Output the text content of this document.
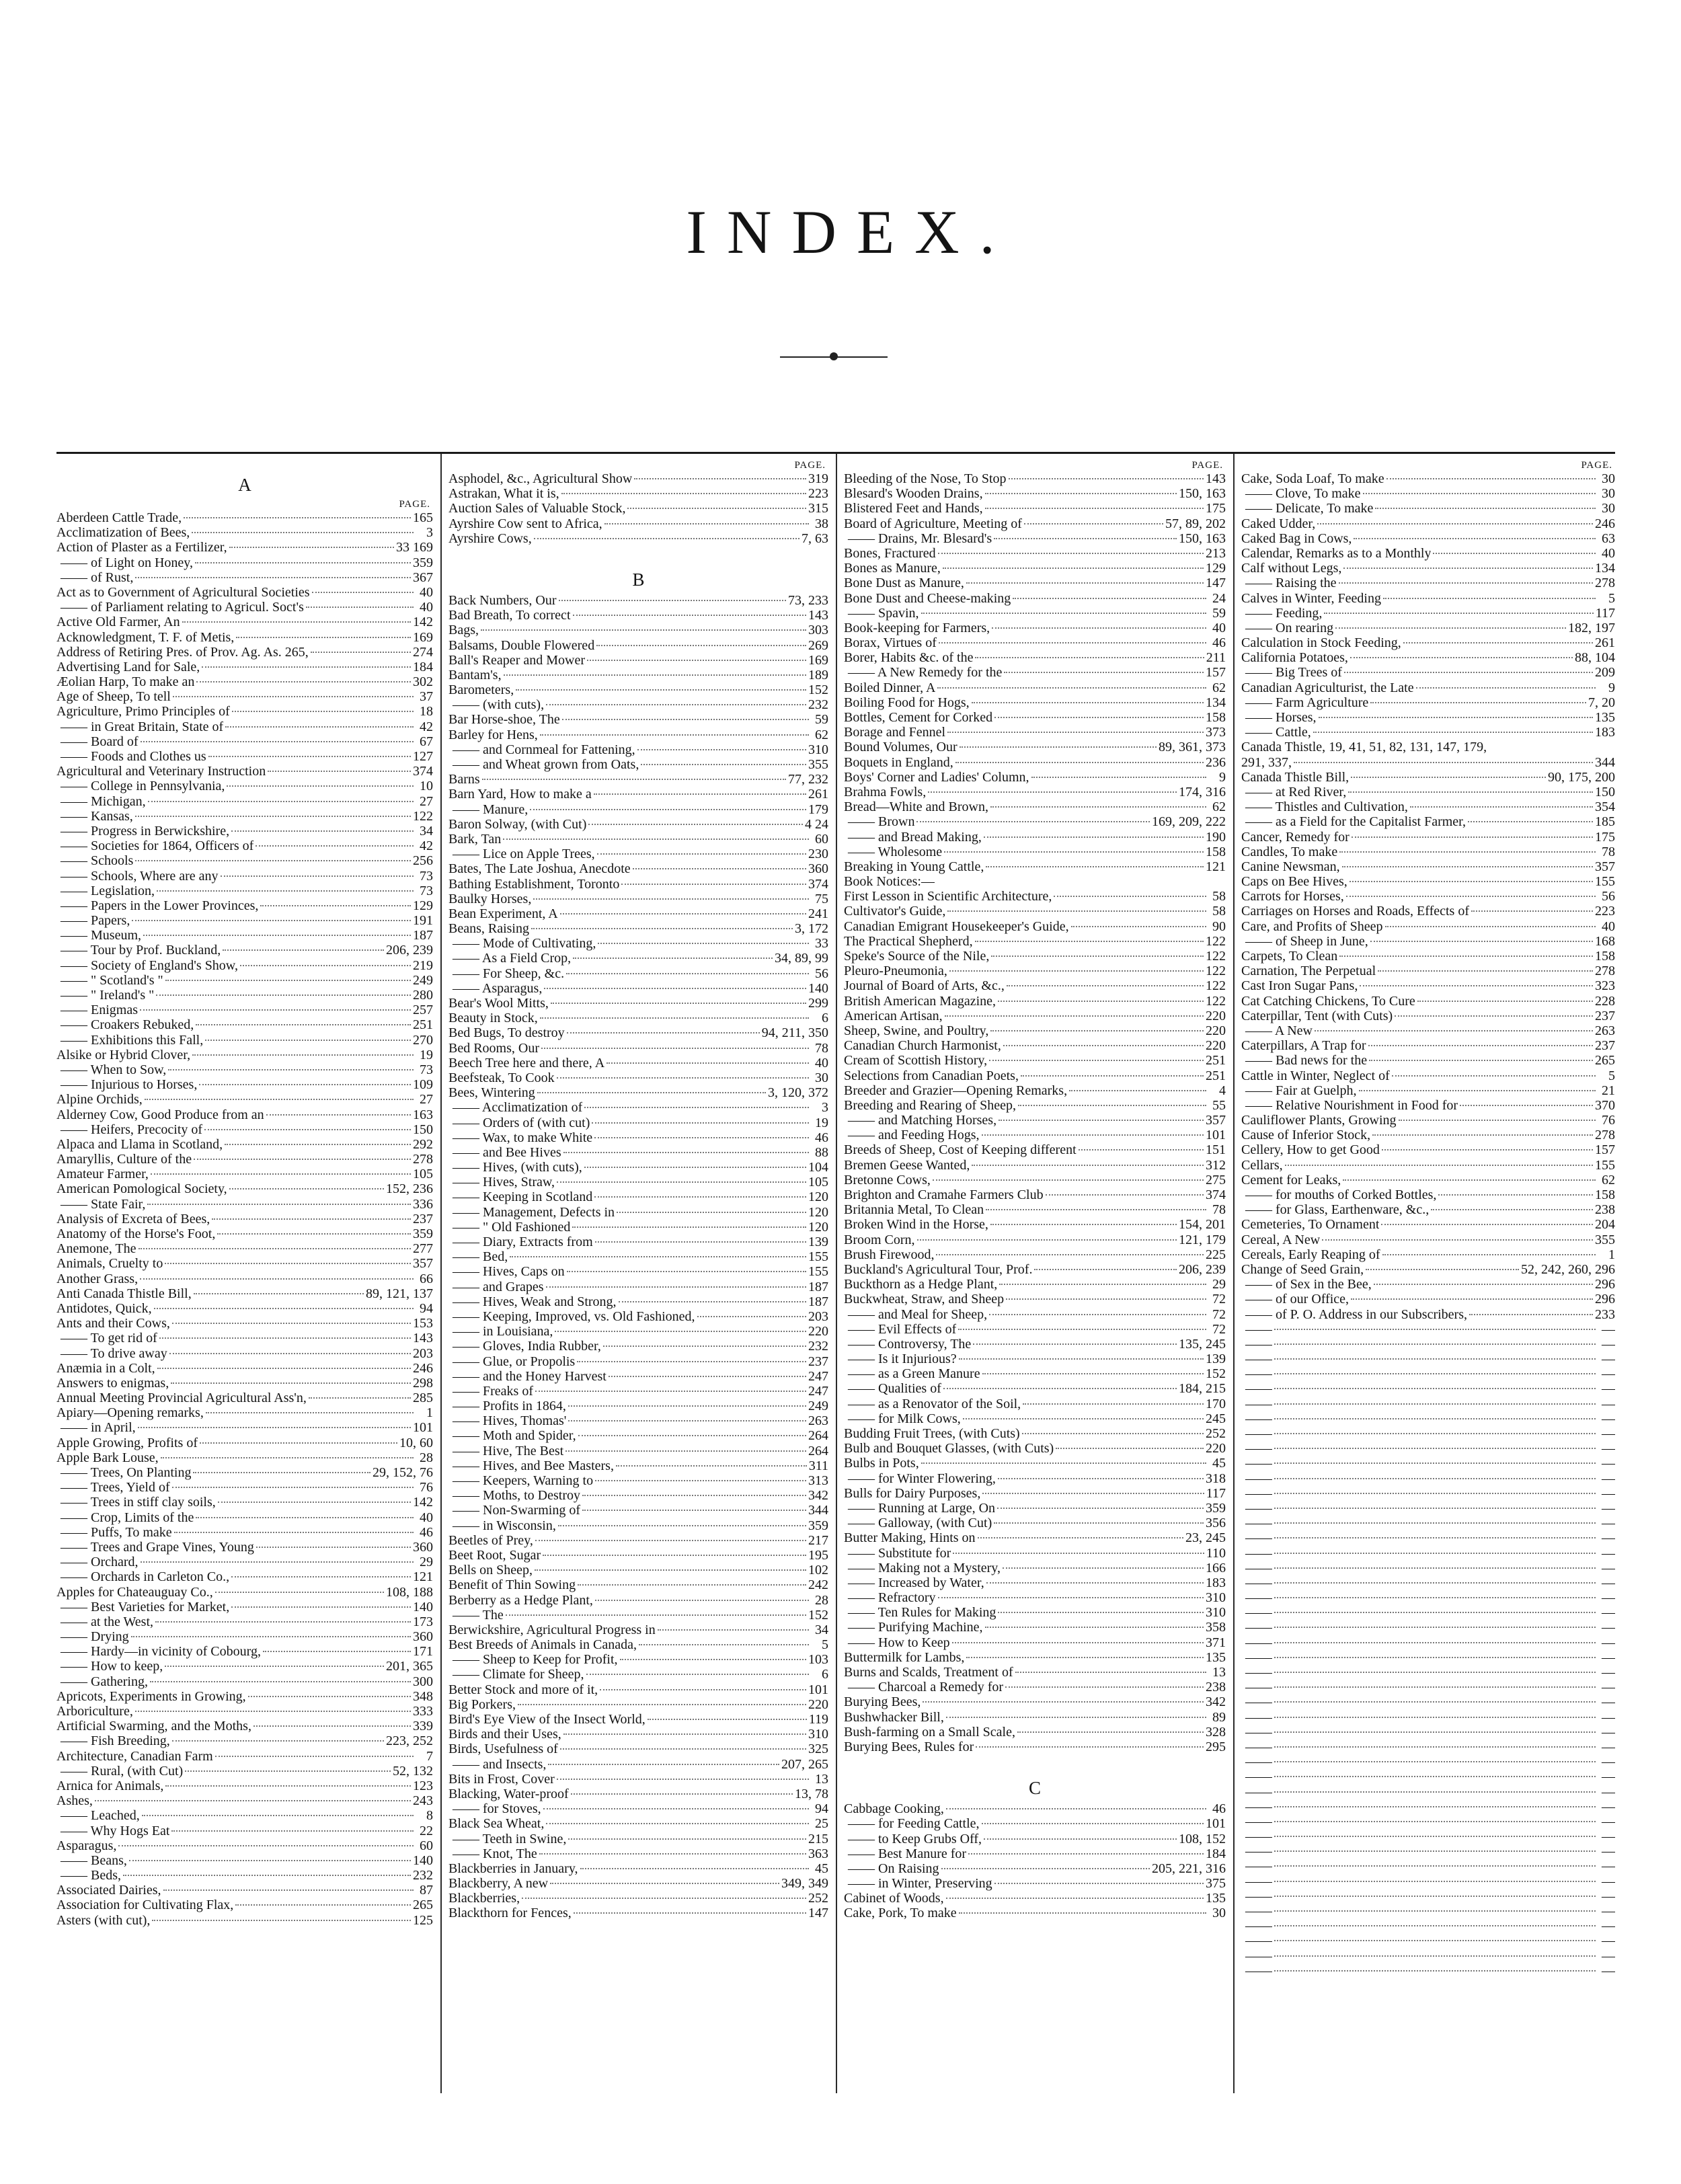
INDEX.
A
PAGE.
Aberdeen Cattle Trade,	165
Acclimatization of Bees,	3
Action of Plaster as a Fertilizer,	33 169
—— of Light on Honey,	359
—— of Rust,	367
Act as to Government of Agricultural Societies	40
—— of Parliament relating to Agricul. Soct's	40
Active Old Farmer, An	142
Acknowledgment, T. F. of Metis,	169
Address of Retiring Pres. of Prov. Ag. As. 265,	274
Advertising Land for Sale,	184
Æolian Harp, To make an	302
Age of Sheep, To tell	37
Agriculture, Primo Principles of	18
—— in Great Britain, State of	42
—— Board of	67
—— Foods and Clothes us	127
Agricultural and Veterinary Instruction	374
—— College in Pennsylvania,	10
—— Michigan,	27
—— Kansas,	122
—— Progress in Berwickshire,	34
—— Societies for 1864, Officers of	42
—— Schools	256
—— Schools, Where are any	73
—— Legislation,	73
—— Papers in the Lower Provinces,	129
—— Papers,	191
—— Museum,	187
—— Tour by Prof. Buckland,	206, 239
—— Society of England's Show,	219
—— " Scotland's "	249
—— " Ireland's "	280
—— Enigmas	257
—— Croakers Rebuked,	251
—— Exhibitions this Fall,	270
Alsike or Hybrid Clover,	19
—— When to Sow,	73
—— Injurious to Horses,	109
Alpine Orchids,	27
Alderney Cow, Good Produce from an	163
—— Heifers, Precocity of	150
Alpaca and Llama in Scotland,	292
Amaryllis, Culture of the	278
Amateur Farmer,	105
American Pomological Society,	152, 236
—— State Fair,	336
Analysis of Excreta of Bees,	237
Anatomy of the Horse's Foot,	359
Anemone, The	277
Animals, Cruelty to	357
Another Grass,	66
Anti Canada Thistle Bill,	89, 121, 137
Antidotes, Quick,	94
Ants and their Cows,	153
—— To get rid of	143
—— To drive away	203
Anæmia in a Colt,	246
Answers to enigmas,	298
Annual Meeting Provincial Agricultural Ass'n,	285
Apiary—Opening remarks,	1
—— in April,	101
Apple Growing, Profits of	10, 60
Apple Bark Louse,	28
—— Trees, On Planting	29, 152, 76
—— Trees, Yield of	76
—— Trees in stiff clay soils,	142
—— Crop, Limits of the	40
—— Puffs, To make	46
—— Trees and Grape Vines, Young	360
—— Orchard,	29
—— Orchards in Carleton Co.,	121
Apples for Chateauguay Co.,	108, 188
—— Best Varieties for Market,	140
—— at the West,	173
—— Drying	360
—— Hardy—in vicinity of Cobourg,	171
—— How to keep,	201, 365
—— Gathering,	300
Apricots, Experiments in Growing,	348
Arboriculture,	333
Artificial Swarming, and the Moths,	339
—— Fish Breeding,	223, 252
Architecture, Canadian Farm	7
—— Rural, (with Cut)	52, 132
Arnica for Animals,	123
Ashes,	243
—— Leached,	8
—— Why Hogs Eat	22
Asparagus,	60
—— Beans,	140
—— Beds,	232
Associated Dairies,	87
Association for Cultivating Flax,	265
Asters (with cut),	125
PAGE.
Asphodel, &c., Agricultural Show	319
Astrakan, What it is,	223
Auction Sales of Valuable Stock,	315
Ayrshire Cow sent to Africa,	38
Ayrshire Cows,	7, 63
B
Back Numbers, Our	73, 233
Bad Breath, To correct	143
Bags,	303
Balsams, Double Flowered	269
Ball's Reaper and Mower	169
Bantam's,	189
Barometers,	152
—— (with cuts),	232
Bar Horse-shoe, The	59
Barley for Hens,	62
—— and Cornmeal for Fattening,	310
—— and Wheat grown from Oats,	355
Barns	77, 232
Barn Yard, How to make a	261
—— Manure,	179
Baron Solway, (with Cut)	4 24
Bark, Tan	60
—— Lice on Apple Trees,	230
Bates, The Late Joshua, Anecdote	360
Bathing Establishment, Toronto	374
Baulky Horses,	75
Bean Experiment, A	241
Beans, Raising	3, 172
—— Mode of Cultivating,	33
—— As a Field Crop,	34, 89, 99
—— For Sheep, &c.	56
—— Asparagus,	140
Bear's Wool Mitts,	299
Beauty in Stock,	6
Bed Bugs, To destroy	94, 211, 350
Bed Rooms, Our	78
Beech Tree here and there, A	40
Beefsteak, To Cook	30
Bees, Wintering	3, 120, 372
—— Acclimatization of	3
—— Orders of (with cut)	19
—— Wax, to make White	46
—— and Bee Hives	88
—— Hives, (with cuts),	104
—— Hives, Straw,	105
—— Keeping in Scotland	120
—— Management, Defects in	120
—— " Old Fashioned	120
—— Diary, Extracts from	139
—— Bed,	155
—— Hives, Caps on	155
—— and Grapes	187
—— Hives, Weak and Strong,	187
—— Keeping, Improved, vs. Old Fashioned,	203
—— in Louisiana,	220
—— Gloves, India Rubber,	232
—— Glue, or Propolis	237
—— and the Honey Harvest	247
—— Freaks of	247
—— Profits in 1864,	249
—— Hives, Thomas'	263
—— Moth and Spider,	264
—— Hive, The Best	264
—— Hives, and Bee Masters,	311
—— Keepers, Warning to	313
—— Moths, to Destroy	342
—— Non-Swarming of	344
—— in Wisconsin,	359
Beetles of Prey,	217
Beet Root, Sugar	195
Bells on Sheep,	102
Benefit of Thin Sowing	242
Berberry as a Hedge Plant,	28
—— The	152
Berwickshire, Agricultural Progress in	34
Best Breeds of Animals in Canada,	5
—— Sheep to Keep for Profit,	103
—— Climate for Sheep,	6
Better Stock and more of it,	101
Big Porkers,	220
Bird's Eye View of the Insect World,	119
Birds and their Uses,	310
Birds, Usefulness of	325
—— and Insects,	207, 265
Bits in Frost, Cover	13
Blacking, Water-proof	13, 78
—— for Stoves,	94
Black Sea Wheat,	25
—— Teeth in Swine,	215
—— Knot, The	363
Blackberries in January,	45
Blackberry, A new	349, 349
Blackberries,	252
Blackthorn for Fences,	147
PAGE.
Bleeding of the Nose, To Stop	143
Blesard's Wooden Drains,	150, 163
Blistered Feet and Hands,	175
Board of Agriculture, Meeting of	57, 89, 202
—— Drains, Mr. Blesard's	150, 163
Bones, Fractured	213
Bones as Manure,	129
Bone Dust as Manure,	147
Bone Dust and Cheese-making	24
—— Spavin,	59
Book-keeping for Farmers,	40
Borax, Virtues of	46
Borer, Habits &c. of the	211
—— A New Remedy for the	157
Boiled Dinner, A	62
Boiling Food for Hogs,	134
Bottles, Cement for Corked	158
Borage and Fennel	373
Bound Volumes, Our	89, 361, 373
Boquets in England,	236
Boys' Corner and Ladies' Column,	9
Brahma Fowls,	174, 316
Bread—White and Brown,	62
—— Brown	169, 209, 222
—— and Bread Making,	190
—— Wholesome	158
Breaking in Young Cattle,	121
Book Notices:—
First Lesson in Scientific Architecture,	58
Cultivator's Guide,	58
Canadian Emigrant Housekeeper's Guide,	90
The Practical Shepherd,	122
Speke's Source of the Nile,	122
Pleuro-Pneumonia,	122
Journal of Board of Arts, &c.,	122
British American Magazine,	122
American Artisan,	220
Sheep, Swine, and Poultry,	220
Canadian Church Harmonist,	220
Cream of Scottish History,	251
Selections from Canadian Poets,	251
Breeder and Grazier—Opening Remarks,	4
Breeding and Rearing of Sheep,	55
—— and Matching Horses,	357
—— and Feeding Hogs,	101
Breeds of Sheep, Cost of Keeping different	151
Bremen Geese Wanted,	312
Bretonne Cows,	275
Brighton and Cramahe Farmers Club	374
Britannia Metal, To Clean	78
Broken Wind in the Horse,	154, 201
Broom Corn,	121, 179
Brush Firewood,	225
Buckland's Agricultural Tour, Prof.	206, 239
Buckthorn as a Hedge Plant,	29
Buckwheat, Straw, and Sheep	72
—— and Meal for Sheep,	72
—— Evil Effects of	72
—— Controversy, The	135, 245
—— Is it Injurious?	139
—— as a Green Manure	152
—— Qualities of	184, 215
—— as a Renovator of the Soil,	170
—— for Milk Cows,	245
Budding Fruit Trees, (with Cuts)	252
Bulb and Bouquet Glasses, (with Cuts)	220
Bulbs in Pots,	45
—— for Winter Flowering,	318
Bulls for Dairy Purposes,	117
—— Running at Large, On	359
—— Galloway, (with Cut)	356
Butter Making, Hints on	23, 245
—— Substitute for	110
—— Making not a Mystery,	166
—— Increased by Water,	183
—— Refractory	310
—— Ten Rules for Making	310
—— Purifying Machine,	358
—— How to Keep	371
Buttermilk for Lambs,	135
Burns and Scalds, Treatment of	13
—— Charcoal a Remedy for	238
Burying Bees,	342
Bushwhacker Bill,	89
Bush-farming on a Small Scale,	328
Burying Bees, Rules for	295
C
Cabbage Cooking,	46
—— for Feeding Cattle,	101
—— to Keep Grubs Off,	108, 152
—— Best Manure for	184
—— On Raising	205, 221, 316
—— in Winter, Preserving	375
Cabinet of Woods,	135
Cake, Pork, To make	30
PAGE.
Cake, Soda Loaf, To make	30
—— Clove, To make	30
—— Delicate, To make	30
Caked Udder,	246
Caked Bag in Cows,	63
Calendar, Remarks as to a Monthly	40
Calf without Legs,	134
—— Raising the	278
Calves in Winter, Feeding	5
—— Feeding,	117
—— On rearing	182, 197
Calculation in Stock Feeding,	261
California Potatoes,	88, 104
—— Big Trees of	209
Canadian Agriculturist, the Late	9
—— Farm Agriculture	7, 20
—— Horses,	135
—— Cattle,	183
Canada Thistle, 19, 41, 51, 82, 131, 147, 179,
291, 337,	344
Canada Thistle Bill,	90, 175, 200
—— at Red River,	150
—— Thistles and Cultivation,	354
—— as a Field for the Capitalist Farmer,	185
Cancer, Remedy for	175
Candles, To make	78
Canine Newsman,	357
Caps on Bee Hives,	155
Carrots for Horses,	56
Carriages on Horses and Roads, Effects of	223
Care, and Profits of Sheep	40
—— of Sheep in June,	168
Carpets, To Clean	158
Carnation, The Perpetual	278
Cast Iron Sugar Pans,	323
Cat Catching Chickens, To Cure	228
Caterpillar, Tent (with Cuts)	237
—— A New	263
Caterpillars, A Trap for	237
—— Bad news for the	265
Cattle in Winter, Neglect of	5
—— Fair at Guelph,	21
—— Relative Nourishment in Food for	370
Cauliflower Plants, Growing	76
Cause of Inferior Stock,	278
Cellery, How to get Good	157
Cellars,	155
Cement for Leaks,	62
—— for mouths of Corked Bottles,	158
—— for Glass, Earthenware, &c.,	238
Cemeteries, To Ornament	204
Cereal, A New	355
Cereals, Early Reaping of	1
Change of Seed Grain,	52, 242, 260, 296
—— of Sex in the Bee,	296
—— of our Office,	296
—— of P. O. Address in our Subscribers,	233
——	—
——	—
——	—
——	—
——	—
——	—
——	—
——	—
——	—
——	—
——	—
——	—
——	—
——	—
——	—
——	—
——	—
——	—
——	—
——	—
——	—
——	—
——	—
——	—
——	—
——	—
——	—
——	—
——	—
——	—
——	—
——	—
——	—
——	—
——	—
——	—
——	—
——	—
——	—
——	—
——	—
——	—
——	—
——	—
